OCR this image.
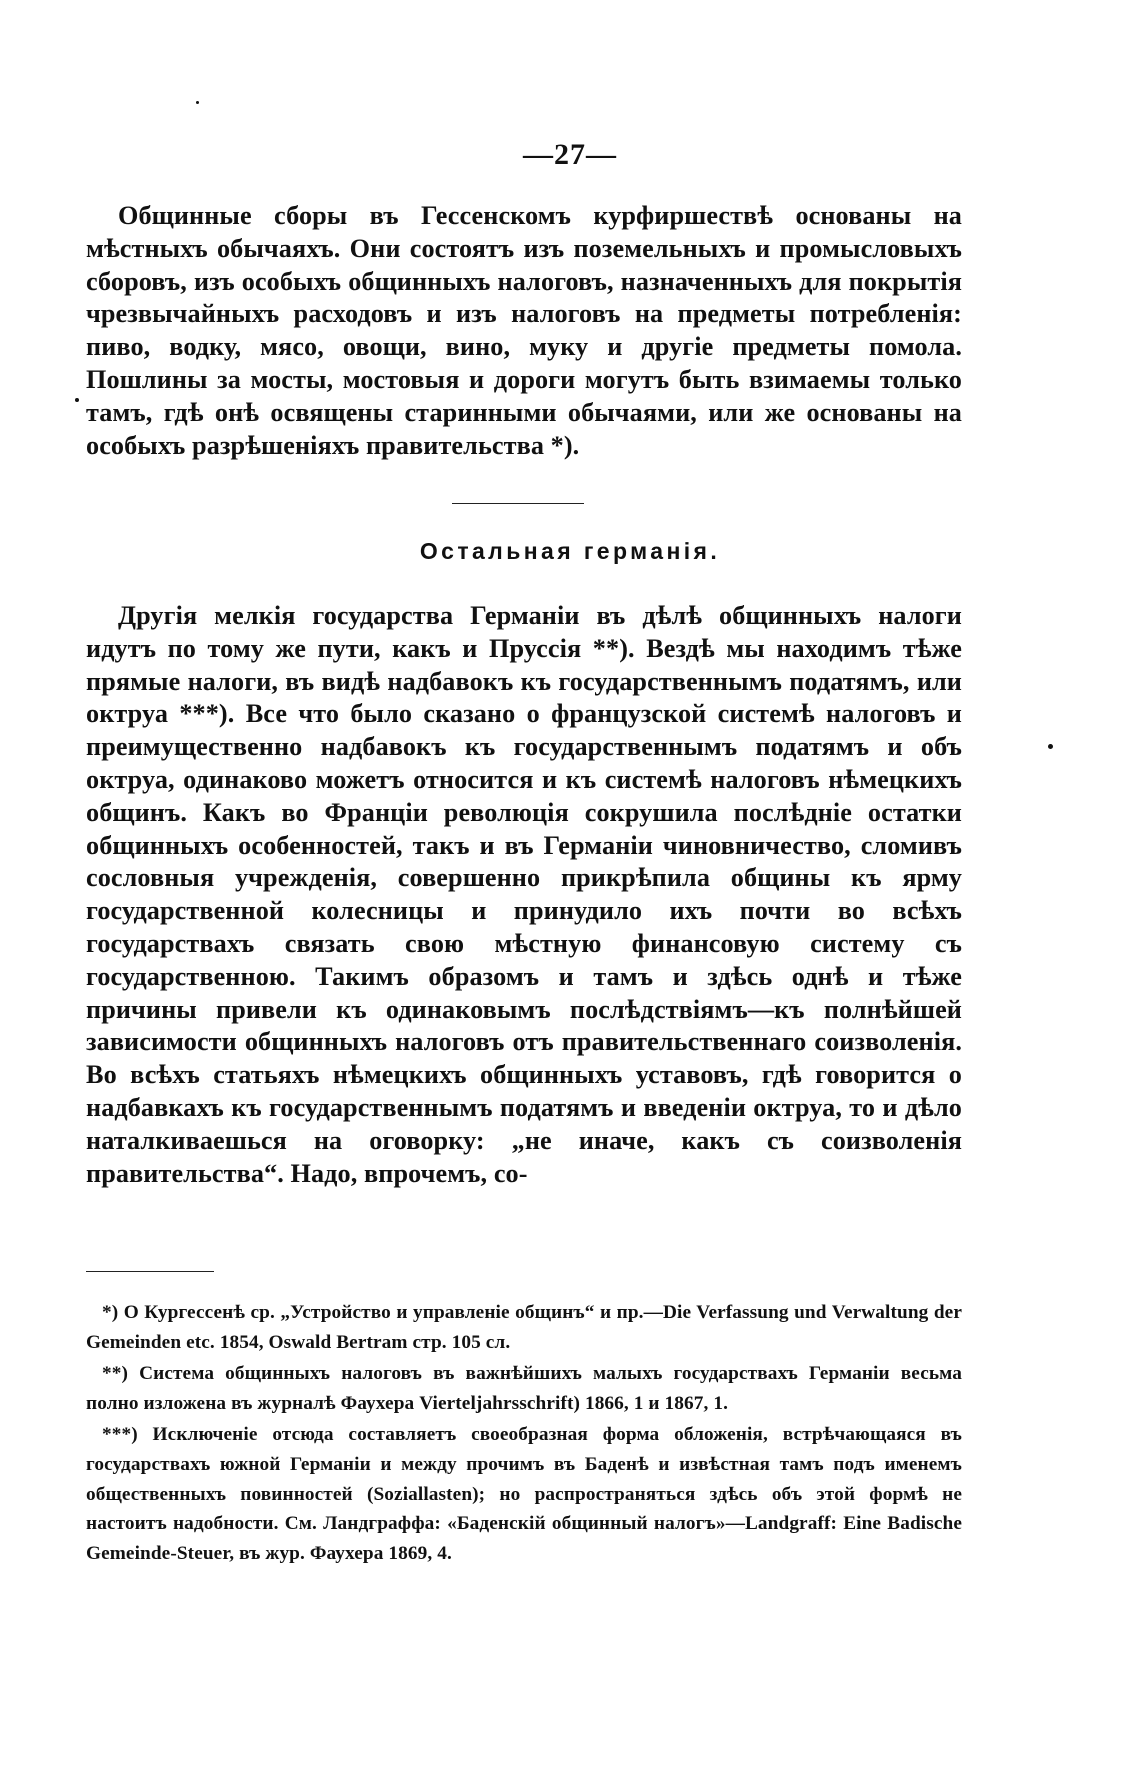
—27—

Общинные сборы въ Гессенскомъ курфиршествѣ основаны на мѣстныхъ обычаяхъ. Они состоятъ изъ поземельныхъ и промысловыхъ сборовъ, изъ особыхъ общинныхъ налоговъ, назначенныхъ для покрытія чрезвычайныхъ расходовъ и изъ налоговъ на предметы потребленія: пиво, водку, мясо, овощи, вино, муку и другіе предметы помола. Пошлины за мосты, мостовыя и дороги могутъ быть взимаемы только тамъ, гдѣ онѣ освящены старинными обычаями, или же основаны на особыхъ разрѣшеніяхъ правительства *).

Остальная германія.

Другія мелкія государства Германіи въ дѣлѣ общинныхъ налоги идутъ по тому же пути, какъ и Пруссія **). Вездѣ мы находимъ тѣже прямые налоги, въ видѣ надбавокъ къ государственнымъ податямъ, или октруа ***). Все что было сказано о французской системѣ налоговъ и преимущественно надбавокъ къ государственнымъ податямъ и объ октруа, одинаково можетъ относится и къ системѣ налоговъ нѣмецкихъ общинъ. Какъ во Франціи революція сокрушила послѣдніе остатки общинныхъ особенностей, такъ и въ Германіи чиновничество, сломивъ сословныя учрежденія, совершенно прикрѣпила общины къ ярму государственной колесницы и принудило ихъ почти во всѣхъ государствахъ связать свою мѣстную финансовую систему съ государственною. Такимъ образомъ и тамъ и здѣсь однѣ и тѣже причины привели къ одинаковымъ послѣдствіямъ—къ полнѣйшей зависимости общинныхъ налоговъ отъ правительственнаго соизволенія. Во всѣхъ статьяхъ нѣмецкихъ общинныхъ уставовъ, гдѣ говорится о надбавкахъ къ государственнымъ податямъ и введеніи октруа, то и дѣло наталкиваешься на оговорку: „не иначе, какъ съ соизволенія правительства“. Надо, впрочемъ, со-

*) О Кургессенѣ ср. „Устройство и управленіе общинъ“ и пр.—Die Verfassung und Verwaltung der Gemeinden etc. 1854, Oswald Bertram стр. 105 сл.

**) Система общинныхъ налоговъ въ важнѣйшихъ малыхъ государствахъ Германіи весьма полно изложена въ журналѣ Фаухера Vierteljahrsschrift) 1866, 1 и 1867, 1.

***) Исключеніе отсюда составляетъ своеобразная форма обложенія, встрѣчающаяся въ государствахъ южной Германіи и между прочимъ въ Баденѣ и извѣстная тамъ подъ именемъ общественныхъ повинностей (Soziallasten); но распространяться здѣсь объ этой формѣ не настоитъ надобности. См. Ландграффа: «Баденскій общинный налогъ»—Landgraff: Eine Badische Gemeinde-Steuer, въ жур. Фаухера 1869, 4.
